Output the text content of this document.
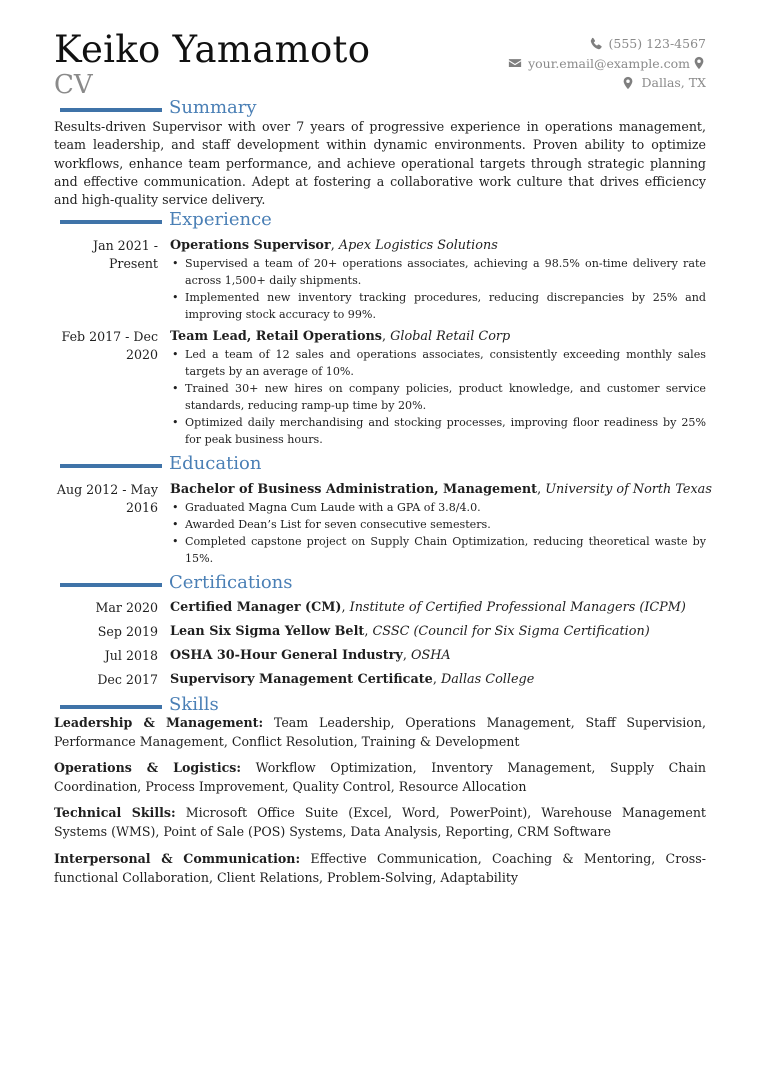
Keiko Yamamoto
CV
(555) 123-4567
your.email@example.com
Dallas, TX
Summary
Results-driven Supervisor with over 7 years of progressive experience in operations management, team leadership, and staff development within dynamic environments. Proven ability to optimize workflows, enhance team performance, and achieve operational targets through strategic planning and effective communication. Adept at fostering a collaborative work culture that drives efficiency and high-quality service delivery.
Experience
Jan 2021 - Present
Operations Supervisor, Apex Logistics Solutions
• Supervised a team of 20+ operations associates, achieving a 98.5% on-time delivery rate across 1,500+ daily shipments.
• Implemented new inventory tracking procedures, reducing discrepancies by 25% and improving stock accuracy to 99%.
Feb 2017 - Dec 2020
Team Lead, Retail Operations, Global Retail Corp
• Led a team of 12 sales and operations associates, consistently exceeding monthly sales targets by an average of 10%.
• Trained 30+ new hires on company policies, product knowledge, and customer service standards, reducing ramp-up time by 20%.
• Optimized daily merchandising and stocking processes, improving floor readiness by 25% for peak business hours.
Education
Aug 2012 - May 2016
Bachelor of Business Administration, Management, University of North Texas
• Graduated Magna Cum Laude with a GPA of 3.8/4.0.
• Awarded Dean’s List for seven consecutive semesters.
• Completed capstone project on Supply Chain Optimization, reducing theoretical waste by 15%.
Certifications
Mar 2020 Certified Manager (CM), Institute of Certified Professional Managers (ICPM)
Sep 2019 Lean Six Sigma Yellow Belt, CSSC (Council for Six Sigma Certification)
Jul 2018 OSHA 30-Hour General Industry, OSHA
Dec 2017 Supervisory Management Certificate, Dallas College
Skills
Leadership & Management: Team Leadership, Operations Management, Staff Supervision, Performance Management, Conflict Resolution, Training & Development
Operations & Logistics: Workflow Optimization, Inventory Management, Supply Chain Coordination, Process Improvement, Quality Control, Resource Allocation
Technical Skills: Microsoft Office Suite (Excel, Word, PowerPoint), Warehouse Management Systems (WMS), Point of Sale (POS) Systems, Data Analysis, Reporting, CRM Software
Interpersonal & Communication: Effective Communication, Coaching & Mentoring, Cross-functional Collaboration, Client Relations, Problem-Solving, Adaptability
